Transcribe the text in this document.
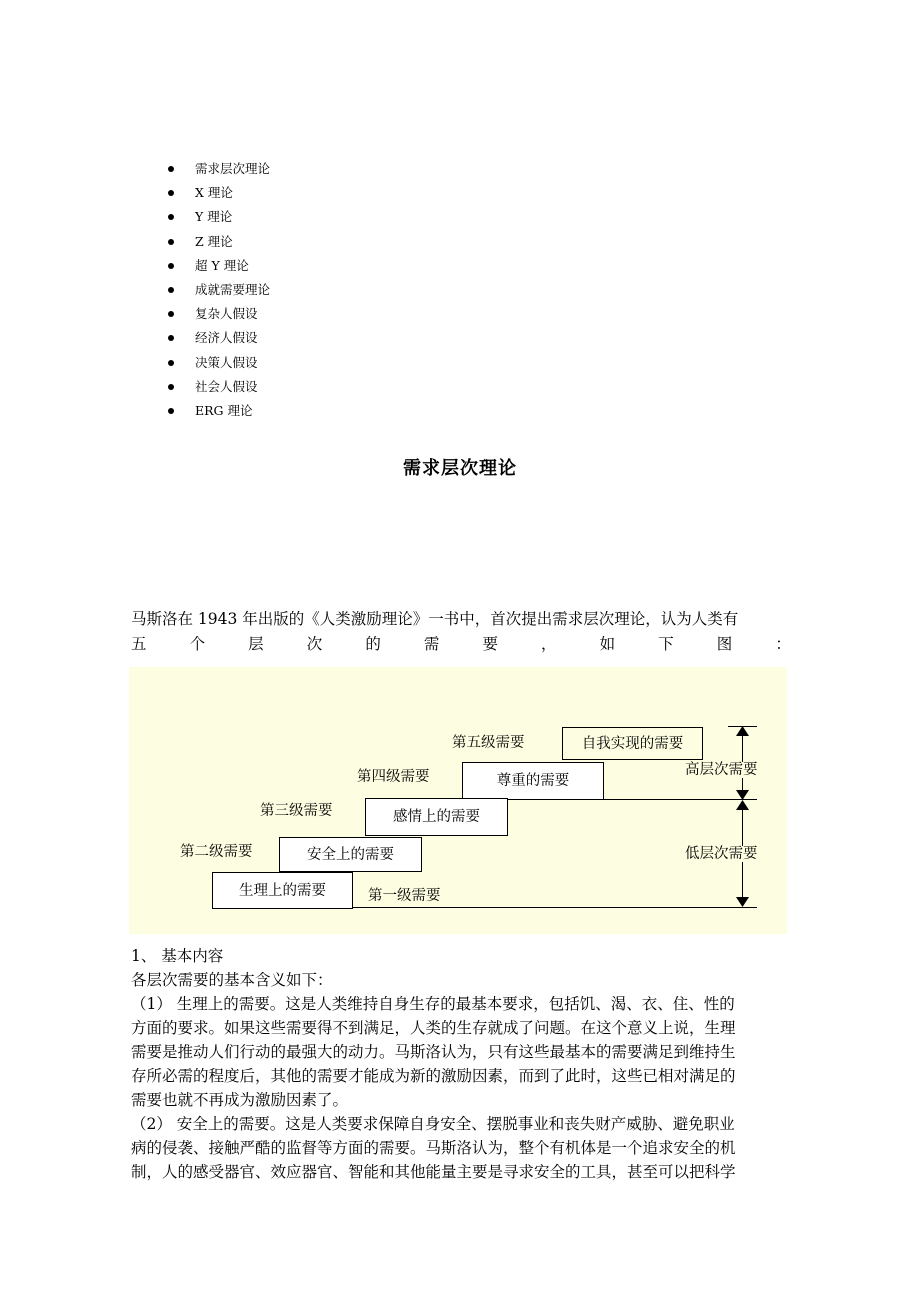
需求层次理论
X 理论
Y 理论
Z 理论
超 Y 理论
成就需要理论
复杂人假设
经济人假设
决策人假设
社会人假设
ERG 理论
需求层次理论
马斯洛在 1943 年出版的《人类激励理论》一书中，首次提出需求层次理论，认为人类有
五	个	层	次	的	需	要	，	如	下	图	：
第五级需要	自我实现的需要
第四级需要	尊重的需要
第三级需要	感情上的需要
第二级需要	安全上的需要
生理上的需要	第一级需要
高层次需要
低层次需要
1、 基本内容
各层次需要的基本含义如下：
（1） 生理上的需要。这是人类维持自身生存的最基本要求，包括饥、渴、衣、住、性的
方面的要求。如果这些需要得不到满足，人类的生存就成了问题。在这个意义上说，生理
需要是推动人们行动的最强大的动力。马斯洛认为，只有这些最基本的需要满足到维持生
存所必需的程度后，其他的需要才能成为新的激励因素，而到了此时，这些已相对满足的
需要也就不再成为激励因素了。
（2） 安全上的需要。这是人类要求保障自身安全、摆脱事业和丧失财产威胁、避免职业
病的侵袭、接触严酷的监督等方面的需要。马斯洛认为，整个有机体是一个追求安全的机
制，人的感受器官、效应器官、智能和其他能量主要是寻求安全的工具，甚至可以把科学
